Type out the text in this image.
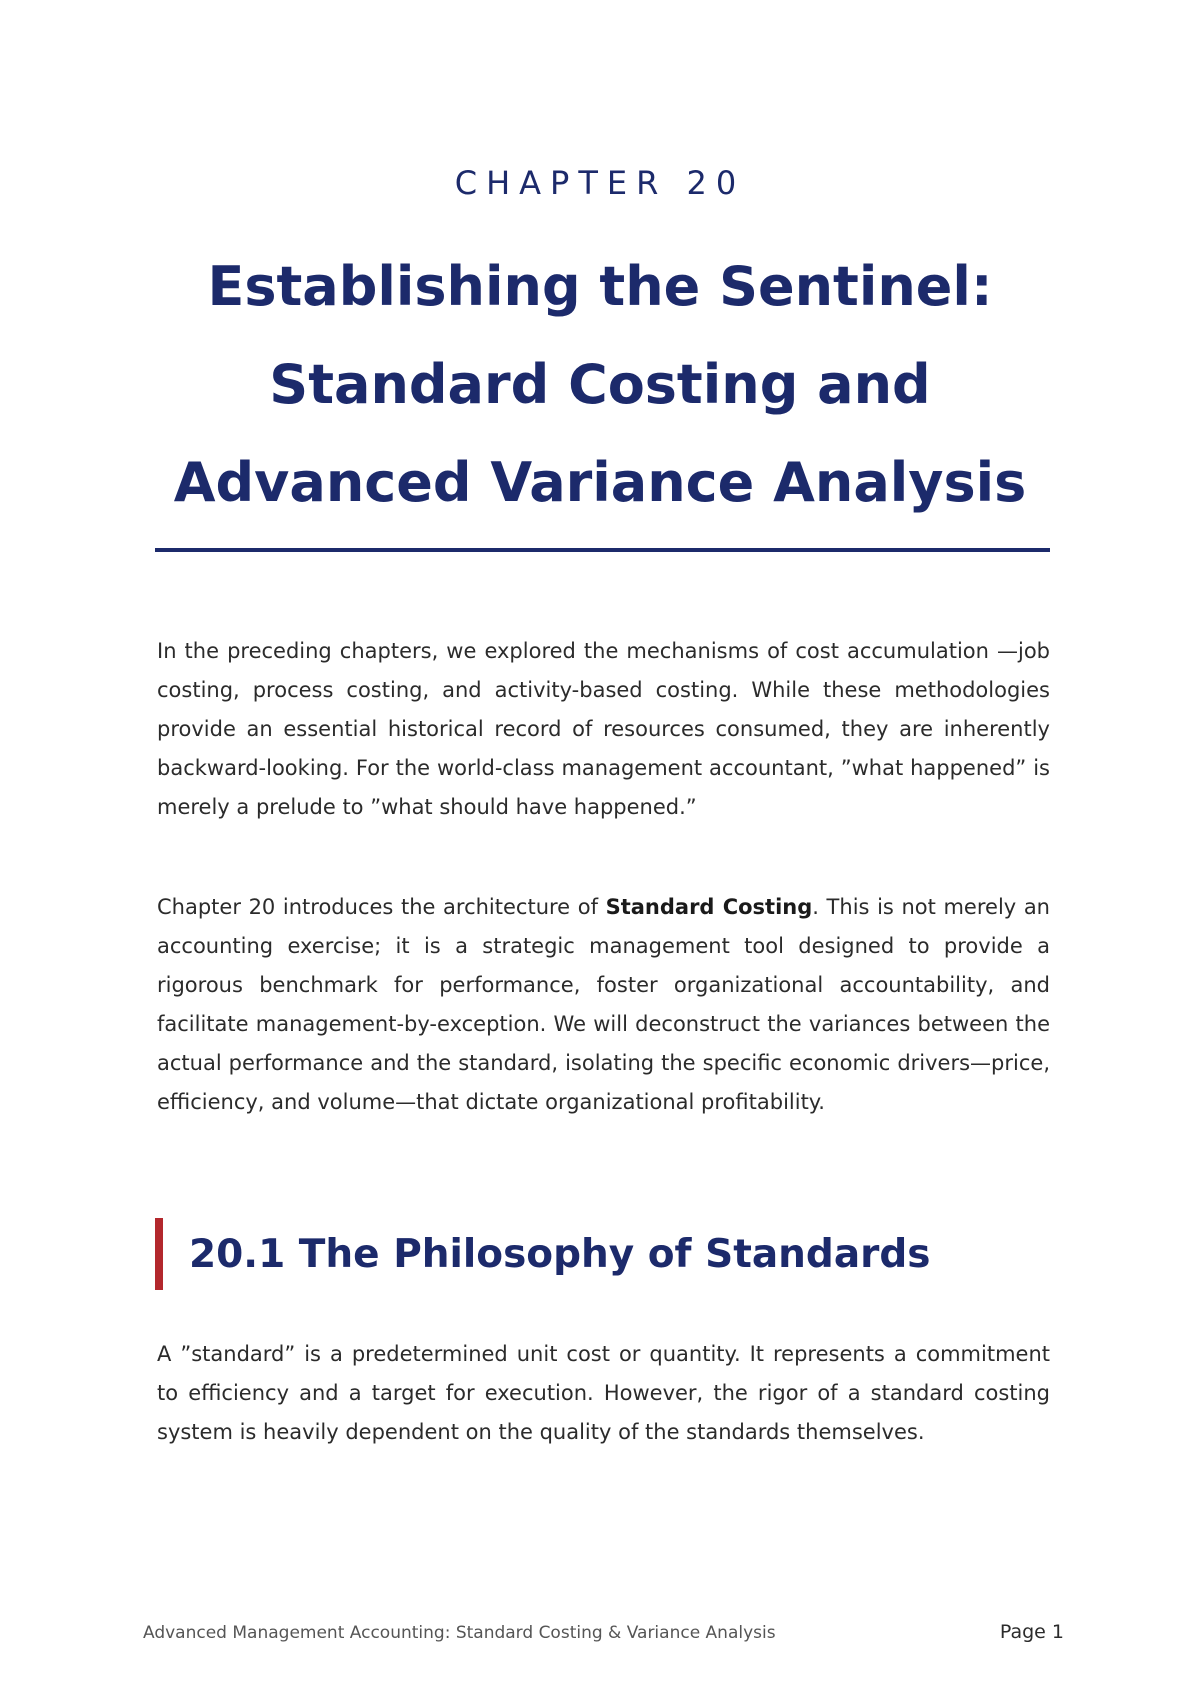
CHAPTER 20
Establishing the Sentinel:
Standard Costing and
Advanced Variance Analysis

In the preceding chapters, we explored the mechanisms of cost accumulation —job costing, process costing, and activity-based costing. While these methodologies provide an essential historical record of resources consumed, they are inherently backward-looking. For the world-class management accountant, ”what happened” is merely a prelude to ”what should have happened.”

Chapter 20 introduces the architecture of Standard Costing. This is not merely an accounting exercise; it is a strategic management tool designed to provide a rigorous benchmark for performance, foster organizational accountability, and facilitate management-by-exception. We will deconstruct the variances between the actual performance and the standard, isolating the specific economic drivers—price, efficiency, and volume—that dictate organizational profitability.

20.1 The Philosophy of Standards

A ”standard” is a predetermined unit cost or quantity. It represents a commitment to efficiency and a target for execution. However, the rigor of a standard costing system is heavily dependent on the quality of the standards themselves.

Advanced Management Accounting: Standard Costing & Variance Analysis	Page 1
